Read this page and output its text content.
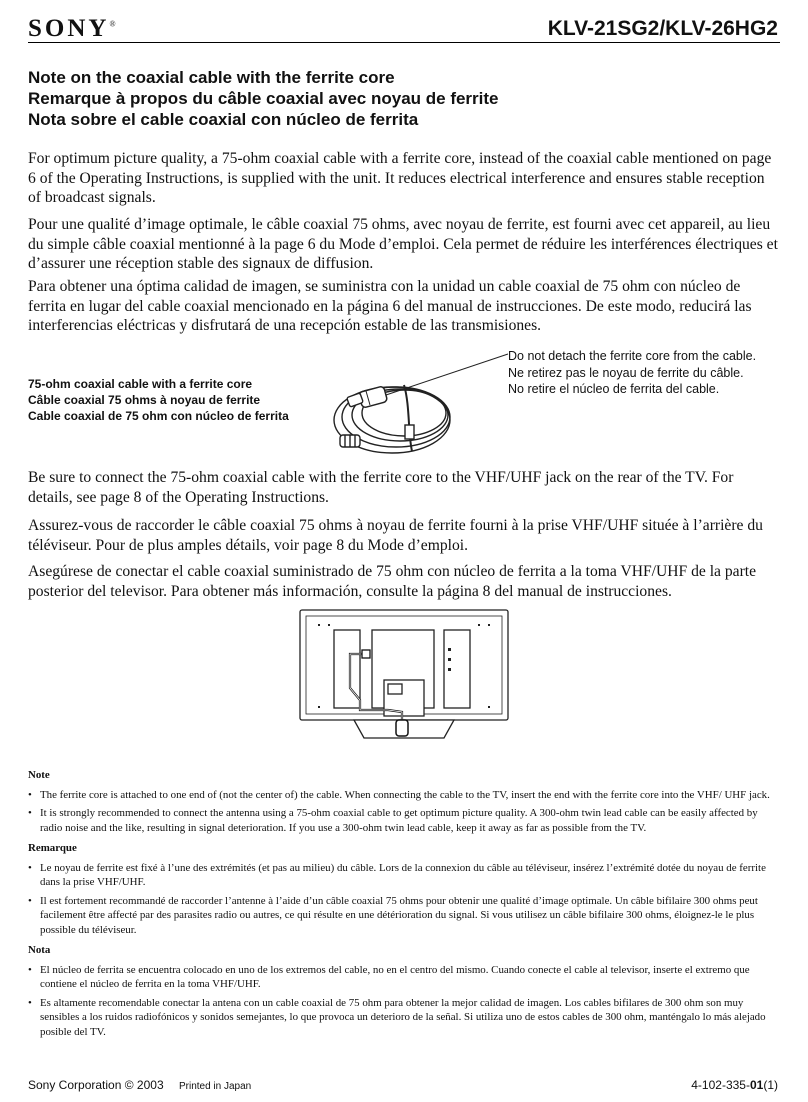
SONY®	KLV-21SG2/KLV-26HG2
Note on the coaxial cable with the ferrite core
Remarque à propos du câble coaxial avec noyau de ferrite
Nota sobre el cable coaxial con núcleo de ferrita

For optimum picture quality, a 75-ohm coaxial cable with a ferrite core, instead of the coaxial cable mentioned on page 6 of the Operating Instructions, is supplied with the unit. It reduces electrical interference and ensures stable reception of broadcast signals.

Pour une qualité d’image optimale, le câble coaxial 75 ohms, avec noyau de ferrite, est fourni avec cet appareil, au lieu du simple câble coaxial mentionné à la page 6 du Mode d’emploi. Cela permet de réduire les interférences électriques et d’assurer une réception stable des signaux de diffusion.

Para obtener una óptima calidad de imagen, se suministra con la unidad un cable coaxial de 75 ohm con núcleo de ferrita en lugar del cable coaxial mencionado en la página 6 del manual de instrucciones. De este modo, reducirá las interferencias eléctricas y disfrutará de una recepción estable de las transmisiones.

75-ohm coaxial cable with a ferrite core
Câble coaxial 75 ohms à noyau de ferrite
Cable coaxial de 75 ohm con núcleo de ferrita
Do not detach the ferrite core from the cable.
Ne retirez pas le noyau de ferrite du câble.
No retire el núcleo de ferrita del cable.

Be sure to connect the 75-ohm coaxial cable with the ferrite core to the VHF/UHF jack on the rear of the TV. For details, see page 8 of the Operating Instructions.

Assurez-vous de raccorder le câble coaxial 75 ohms à noyau de ferrite fourni à la prise VHF/UHF située à l’arrière du téléviseur. Pour de plus amples détails, voir page 8 du Mode d’emploi.

Asegúrese de conectar el cable coaxial suministrado de 75 ohm con núcleo de ferrita a la toma VHF/UHF de la parte posterior del televisor. Para obtener más información, consulte la página 8 del manual de instrucciones.

Note
• The ferrite core is attached to one end of (not the center of) the cable. When connecting the cable to the TV, insert the end with the ferrite core into the VHF/ UHF jack.
• It is strongly recommended to connect the antenna using a 75-ohm coaxial cable to get optimum picture quality. A 300-ohm twin lead cable can be easily affected by radio noise and the like, resulting in signal deterioration. If you use a 300-ohm twin lead cable, keep it away as far as possible from the TV.
Remarque
• Le noyau de ferrite est fixé à l’une des extrémités (et pas au milieu) du câble. Lors de la connexion du câble au téléviseur, insérez l’extrémité dotée du noyau de ferrite dans la prise VHF/UHF.
• Il est fortement recommandé de raccorder l’antenne à l’aide d’un câble coaxial 75 ohms pour obtenir une qualité d’image optimale. Un câble bifilaire 300 ohms peut facilement être affecté par des parasites radio ou autres, ce qui résulte en une détérioration du signal. Si vous utilisez un câble bifilaire 300 ohms, éloignez-le le plus possible du téléviseur.
Nota
• El núcleo de ferrita se encuentra colocado en uno de los extremos del cable, no en el centro del mismo. Cuando conecte el cable al televisor, inserte el extremo que contiene el núcleo de ferrita en la toma VHF/UHF.
• Es altamente recomendable conectar la antena con un cable coaxial de 75 ohm para obtener la mejor calidad de imagen. Los cables bifilares de 300 ohm son muy sensibles a los ruidos radiofónicos y sonidos semejantes, lo que provoca un deterioro de la señal. Si utiliza uno de estos cables de 300 ohm, manténgalo lo más alejado posible del TV.
Sony Corporation © 2003 Printed in Japan	4-102-335-01(1)
